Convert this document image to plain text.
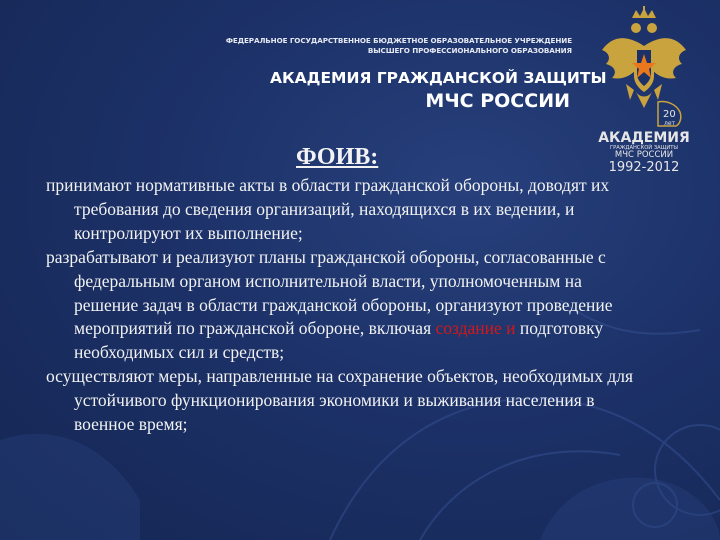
ФЕДЕРАЛЬНОЕ ГОСУДАРСТВЕННОЕ БЮДЖЕТНОЕ ОБРАЗОВАТЕЛЬНОЕ УЧРЕЖДЕНИЕ
ВЫСШЕГО ПРОФЕССИОНАЛЬНОГО ОБРАЗОВАНИЯ
АКАДЕМИЯ ГРАЖДАНСКОЙ ЗАЩИТЫ
МЧС РОССИИ
20
лет
АКАДЕМИЯ
ГРАЖДАНСКОЙ ЗАЩИТЫ
МЧС РОССИИ
1992-2012
ФОИВ:
принимают нормативные акты в области гражданской обороны, доводят их требования до сведения организаций, находящихся в их ведении, и контролируют их выполнение;
разрабатывают и реализуют планы гражданской обороны, согласованные с федеральным органом исполнительной власти, уполномоченным на решение задач в области гражданской обороны, организуют проведение мероприятий по гражданской обороне, включая создание и подготовку необходимых сил и средств;
осуществляют меры, направленные на сохранение объектов, необходимых для устойчивого функционирования экономики и выживания населения в военное время;
